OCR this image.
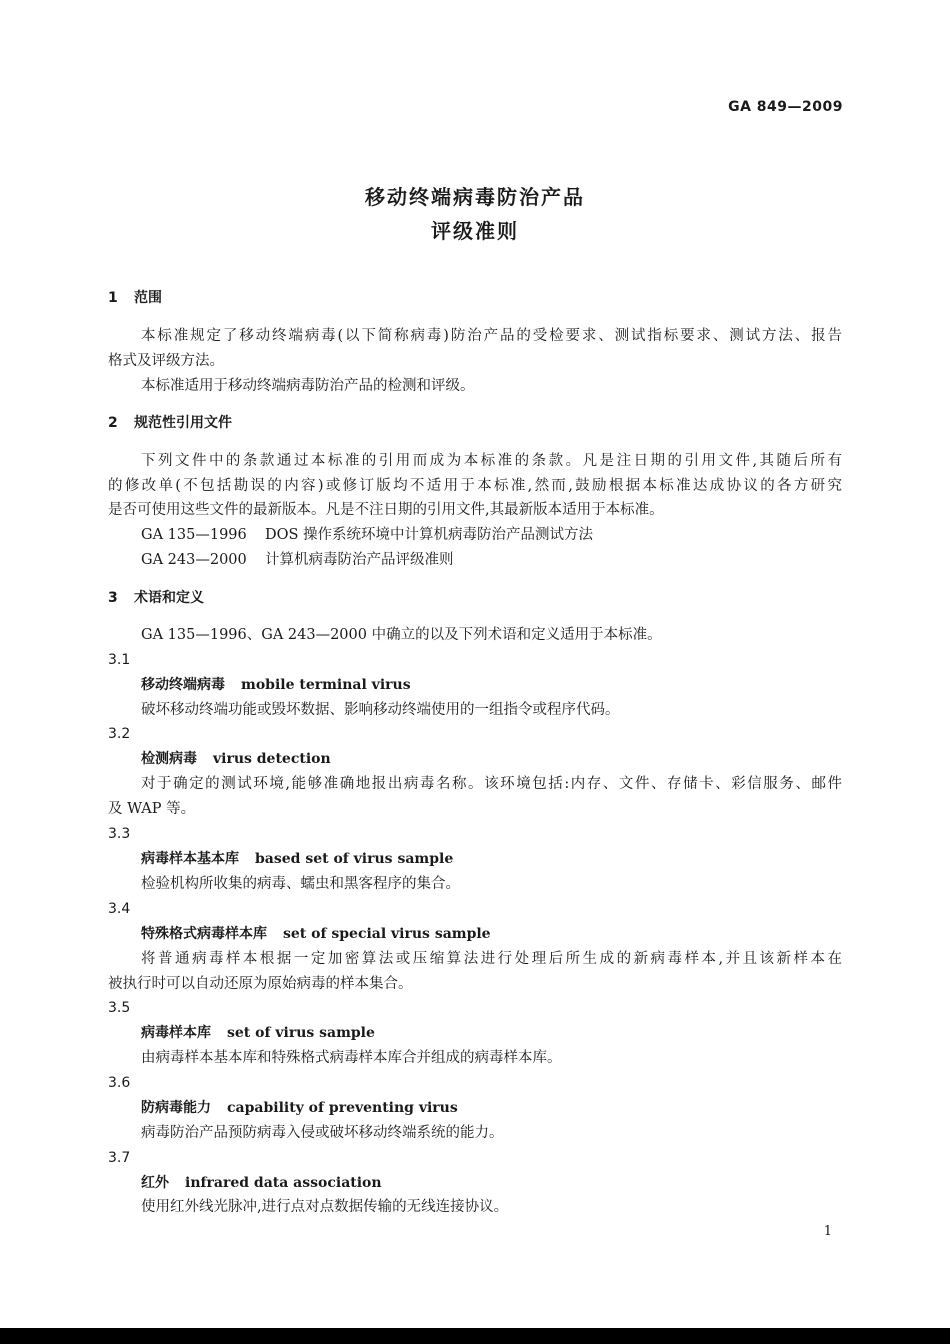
GA 849—2009
移动终端病毒防治产品
评级准则
1 范围
本标准规定了移动终端病毒(以下简称病毒)防治产品的受检要求、测试指标要求、测试方法、报告
格式及评级方法。
本标准适用于移动终端病毒防治产品的检测和评级。
2 规范性引用文件
下列文件中的条款通过本标准的引用而成为本标准的条款。凡是注日期的引用文件,其随后所有
的修改单(不包括勘误的内容)或修订版均不适用于本标准,然而,鼓励根据本标准达成协议的各方研究
是否可使用这些文件的最新版本。凡是不注日期的引用文件,其最新版本适用于本标准。
GA 135—1996 DOS 操作系统环境中计算机病毒防治产品测试方法
GA 243—2000 计算机病毒防治产品评级准则
3 术语和定义
GA 135—1996、GA 243—2000 中确立的以及下列术语和定义适用于本标准。
3.1
移动终端病毒 mobile terminal virus
破坏移动终端功能或毁坏数据、影响移动终端使用的一组指令或程序代码。
3.2
检测病毒 virus detection
对于确定的测试环境,能够准确地报出病毒名称。该环境包括:内存、文件、存储卡、彩信服务、邮件
及 WAP 等。
3.3
病毒样本基本库 based set of virus sample
检验机构所收集的病毒、蠕虫和黑客程序的集合。
3.4
特殊格式病毒样本库 set of special virus sample
将普通病毒样本根据一定加密算法或压缩算法进行处理后所生成的新病毒样本,并且该新样本在
被执行时可以自动还原为原始病毒的样本集合。
3.5
病毒样本库 set of virus sample
由病毒样本基本库和特殊格式病毒样本库合并组成的病毒样本库。
3.6
防病毒能力 capability of preventing virus
病毒防治产品预防病毒入侵或破坏移动终端系统的能力。
3.7
红外 infrared data association
使用红外线光脉冲,进行点对点数据传输的无线连接协议。
1
